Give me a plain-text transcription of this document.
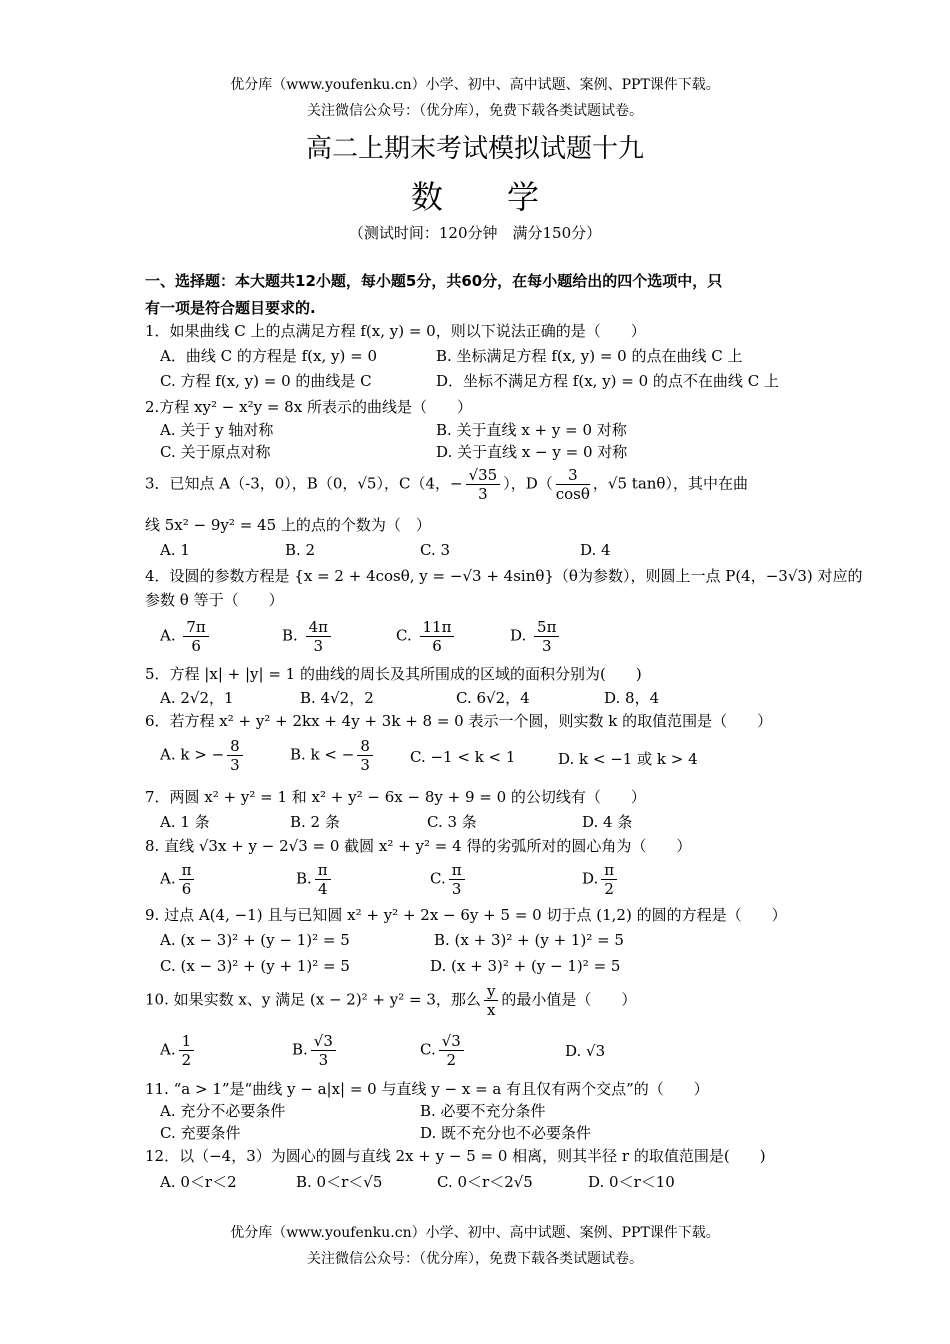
优分库（www.youfenku.cn）小学、初中、高中试题、案例、PPT课件下载。
关注微信公众号：（优分库），免费下载各类试题试卷。
高二上期末考试模拟试题十九
数学
（测试时间：120分钟　满分150分）
一、选择题：本大题共12小题，每小题5分，共60分，在每小题给出的四个选项中，只
有一项是符合题目要求的.
1．如果曲线 C 上的点满足方程 f(x, y) = 0，则以下说法正确的是（　　）
A．曲线 C 的方程是 f(x, y) = 0	B. 坐标满足方程 f(x, y) = 0 的点在曲线 C 上
C. 方程 f(x, y) = 0 的曲线是 C	D．坐标不满足方程 f(x, y) = 0 的点不在曲线 C 上
2.方程 xy² − x²y = 8x 所表示的曲线是（　　）
A. 关于 y 轴对称	B. 关于直线 x + y = 0 对称
C. 关于原点对称	D. 关于直线 x − y = 0 对称
3．已知点 A（-3，0），B（0，√5），C（4，− $\frac{√35}{3}$ ），$D( \frac{3}{\cos\theta}$ ，√5 tanθ），其中在曲
线 5x² − 9y² = 45 上的点的个数为（　）
A. 1	B. 2	C. 3	D. 4
4．设圆的参数方程是 {x = 2 + 4cosθ, y = −√3 + 4sinθ}（θ为参数），则圆上一点 P(4，−3√3) 对应的
参数 θ 等于（　　）
A. $\frac{7\pi}{6}$	B. $\frac{4\pi}{3}$	C. $\frac{11\pi}{6}$	D. $\frac{5\pi}{3}$
5．方程 |x| + |y| = 1 的曲线的周长及其所围成的区域的面积分别为(　　)
A. 2√2，1	B. 4√2，2	C. 6√2，4	D. 8，4
6．若方程 x² + y² + 2kx + 4y + 3k + 8 = 0 表示一个圆，则实数 k 的取值范围是（　　）
A. k > − $\frac{8}{3}$	B. k < − $\frac{8}{3} C$. −1 < k < 1	D. k < −1 或 k > 4
7．两圆 x² + y² = 1 和 x² + y² − 6x − 8y + 9 = 0 的公切线有（　　）
A. 1 条	B. 2 条	C. 3 条	D. 4 条
8. 直线 √3x + y − 2√3 = 0 截圆 x² + y² = 4 得的劣弧所对的圆心角为（　　）
A. $\frac{\pi}{6}$	B. $\frac{\pi}{4}$	C. $\frac{\pi}{3}$	D. $\frac{\pi}{2}$
9. 过点 A(4, −1) 且与已知圆 x² + y² + 2x − 6y + 5 = 0 切于点 (1,2) 的圆的方程是（　　）
A. (x − 3)² + (y − 1)² = 5	B. (x + 3)² + (y + 1)² = 5
C. (x − 3)² + (y + 1)² = 5	D. (x + 3)² + (y − 1)² = 5
10. 如果实数 x、y 满足 (x − 2)² + y² = 3，那么 $\frac{y}{x}$ 的最小值是（　　）
A. $\frac{1}{2}$	B. $\frac{√3}{3}$	C. $\frac{√3}{2}$	D. √3
11. “a > 1”是“曲线 y − a|x| = 0 与直线 y − x = a 有且仅有两个交点”的（　　）
A. 充分不必要条件	B. 必要不充分条件
C. 充要条件	D. 既不充分也不必要条件
12．以（−4，3）为圆心的圆与直线 2x + y − 5 = 0 相离，则其半径 r 的取值范围是(　　)
A. 0＜r＜2	B. 0＜r＜√5	C. 0＜r＜2√5	D. 0＜r＜10
优分库（www.youfenku.cn）小学、初中、高中试题、案例、PPT课件下载。
关注微信公众号：（优分库），免费下载各类试题试卷。
